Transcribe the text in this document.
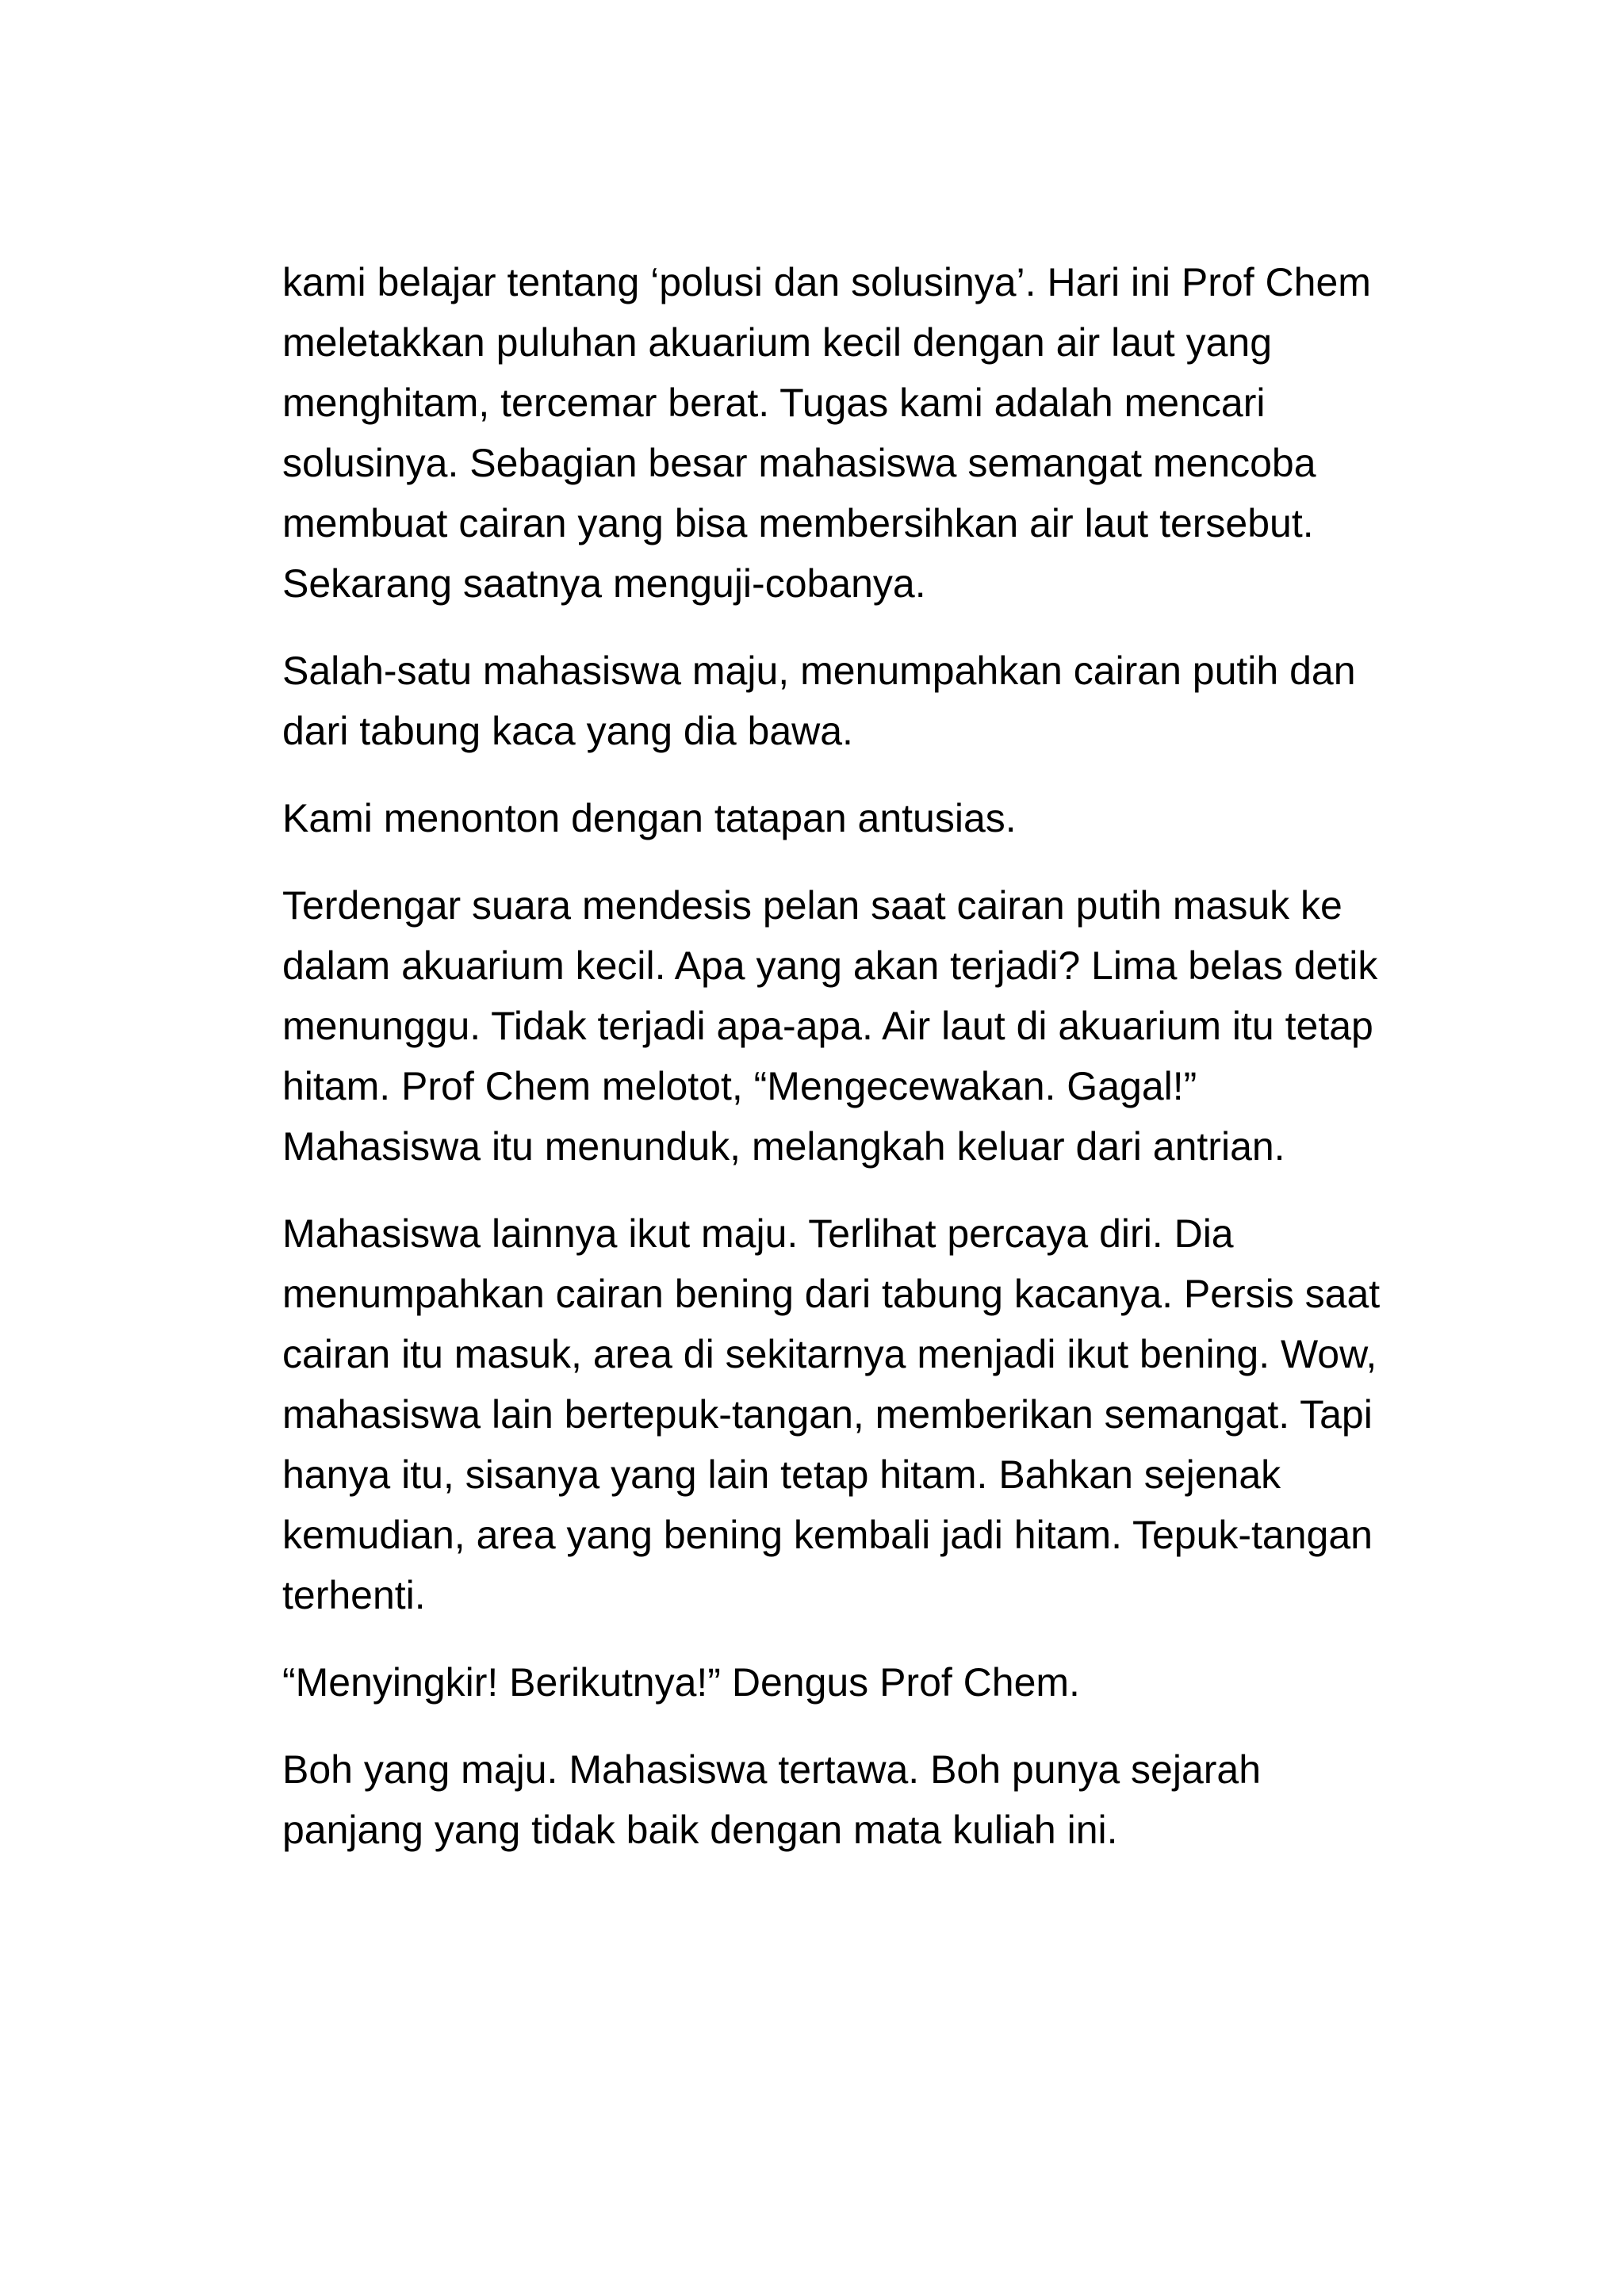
kami belajar tentang ‘polusi dan solusinya’. Hari ini Prof Chem meletakkan puluhan akuarium kecil dengan air laut yang menghitam, tercemar berat. Tugas kami adalah mencari solusinya. Sebagian besar mahasiswa semangat mencoba membuat cairan yang bisa membersihkan air laut tersebut. Sekarang saatnya menguji-cobanya.

Salah-satu mahasiswa maju, menumpahkan cairan putih dan dari tabung kaca yang dia bawa.

Kami menonton dengan tatapan antusias.

Terdengar suara mendesis pelan saat cairan putih masuk ke dalam akuarium kecil. Apa yang akan terjadi? Lima belas detik menunggu. Tidak terjadi apa-apa. Air laut di akuarium itu tetap hitam. Prof Chem melotot, “Mengecewakan. Gagal!” Mahasiswa itu menunduk, melangkah keluar dari antrian.

Mahasiswa lainnya ikut maju. Terlihat percaya diri. Dia menumpahkan cairan bening dari tabung kacanya. Persis saat cairan itu masuk, area di sekitarnya menjadi ikut bening. Wow, mahasiswa lain bertepuk-tangan, memberikan semangat. Tapi hanya itu, sisanya yang lain tetap hitam. Bahkan sejenak kemudian, area yang bening kembali jadi hitam. Tepuk-tangan terhenti.

“Menyingkir! Berikutnya!” Dengus Prof Chem.

Boh yang maju. Mahasiswa tertawa. Boh punya sejarah panjang yang tidak baik dengan mata kuliah ini.
